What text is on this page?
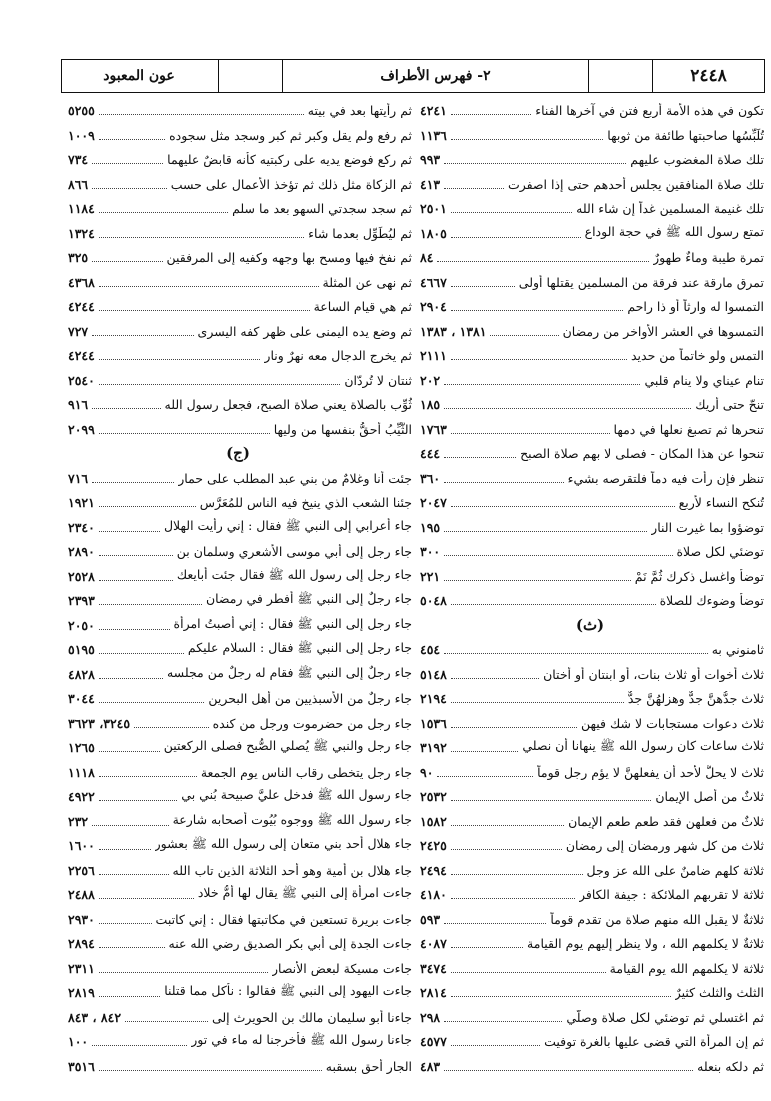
٢٤٤٨
٢- فهرس الأطراف
عون المعبود
تكون في هذه الأمة أربع فتن في آخرها الفناء
٤٢٤١
تُلَبِّسُها صاحبتها طائفة من ثوبها
١١٣٦
تلك صلاة المغضوب عليهم
٩٩٣
تلك صلاة المنافقين يجلس أحدهم حتى إذا اصفرت
٤١٣
تلك غنيمة المسلمين غداً إن شاء الله
٢٥٠١
تمتع رسول الله ﷺ في حجة الوداع
١٨٠٥
تمرة طيبة وماءٌ طهورٌ
٨٤
تمرق مارقة عند فرقة من المسلمين يقتلها أولى
٤٦٦٧
التمسوا له وارثاً أو ذا راحم
٢٩٠٤
التمسوها في العشر الأواخر من رمضان
١٣٨١ ، ١٣٨٣
التمس ولو خاتماً من حديد
٢١١١
تنام عيناي ولا ينام قلبي
٢٠٢
تنحّ حتى أريك
١٨٥
تنحرها ثم تصبغ نعلها في دمها
١٧٦٣
تنحوا عن هذا المكان - فصلى لا بهم صلاة الصبح
٤٤٤
تنظر فإن رأت فيه دماً فلتقرصه بشيء
٣٦٠
تُنكح النساء لأربع
٢٠٤٧
توضؤوا بما غيرت النار
١٩٥
توضئي لكل صلاة
٣٠٠
توضأ واغسل ذكرك ثُمَّ نَمْ
٢٢١
توضأ وضوءك للصلاة
٥٠٤٨
(ث)
ثامنوني به
٤٥٤
ثلاث أخوات أو ثلاث بنات، أو ابنتان أو أختان
٥١٤٨
ثلاث جدُّهنَّ جدٌّ وهزلهُنَّ جدٌّ
٢١٩٤
ثلاث دعوات مستجابات لا شك فيهن
١٥٣٦
ثلاث ساعات كان رسول الله ﷺ ينهانا أن نصلي
٣١٩٢
ثلاث لا يحلُّ لأحد أن يفعلهنَّ لا يؤم رجل قوماً
٩٠
ثلاثٌ من أصل الإيمان
٢٥٣٢
ثلاثٌ من فعلهن فقد طعم طعم الإيمان
١٥٨٢
ثلاث من كل شهر ورمضان إلى رمضان
٢٤٢٥
ثلاثة كلهم ضامنٌ على الله عز وجل
٢٤٩٤
ثلاثة لا تقربهم الملائكة : جيفة الكافر
٤١٨٠
ثلاثةٌ لا يقبل الله منهم صلاة من تقدم قوماً
٥٩٣
ثلاثةٌ لا يكلمهم الله ، ولا ينظر إليهم يوم القيامة
٤٠٨٧
ثلاثة لا يكلمهم الله يوم القيامة
٣٤٧٤
الثلث والثلث كثيرٌ
٢٨١٤
ثم اغتسلي ثم توضئي لكل صلاة وصلّي
٢٩٨
ثم إن المرأة التي قضى عليها بالغرة توفيت
٤٥٧٧
ثم دلكه بنعله
٤٨٣
ثم رأيتها بعد في بيته
٥٢٥٥
ثم رفع ولم يقل وكبر ثم كبر وسجد مثل سجوده
١٠٠٩
ثم ركع فوضع يديه على ركبتيه كأنه قابضٌ عليهما
٧٣٤
ثم الزكاة مثل ذلك ثم تؤخذ الأعمال على حسب
٨٦٦
ثم سجد سجدتي السهو بعد ما سلم
١١٨٤
ثم ليُطَوِّل بعدما شاء
١٣٢٤
ثم نفخ فيها ومسح بها وجهه وكفيه إلى المرفقين
٣٢٥
ثم نهى عن المثلة
٤٣٦٨
ثم هي قيام الساعة
٤٢٤٤
ثم وضع يده اليمنى على ظهر كفه اليسرى
٧٢٧
ثم يخرج الدجال معه نهرٌ ونار
٤٢٤٤
ثنتان لا تُردّان
٢٥٤٠
ثُوِّب بالصلاة يعني صلاة الصبح، فجعل رسول الله
٩١٦
الثَّيِّبُ أحقُّ بنفسها من وليها
٢٠٩٩
(ج)
جئت أنا وغلامٌ من بني عبد المطلب على حمار
٧١٦
جئنا الشعب الذي ينيخ فيه الناس للمُعَرَّس
١٩٢١
جاء أعرابي إلى النبي ﷺ فقال : إني رأيت الهلال
٢٣٤٠
جاء رجل إلى أبي موسى الأشعري وسلمان بن
٢٨٩٠
جاء رجل إلى رسول الله ﷺ فقال جئت أبايعك
٢٥٢٨
جاء رجلٌ إلى النبي ﷺ أفطر في رمضان
٢٣٩٣
جاء رجل إلى النبي ﷺ فقال : إني أصبتُ امرأة
٢٠٥٠
جاء رجل إلى النبي ﷺ فقال : السلام عليكم
٥١٩٥
جاء رجلٌ إلى النبي ﷺ فقام له رجلٌ من مجلسه
٤٨٢٨
جاء رجلٌ من الأسبذيين من أهل البحرين
٣٠٤٤
جاء رجل من حضرموت ورجل من كنده
٣٢٤٥، ٣٦٢٣
جاء رجل والنبي ﷺ يُصلي الصُّبح فصلى الركعتين
١٢٦٥
جاء رجل يتخطى رقاب الناس يوم الجمعة
١١١٨
جاء رسول الله ﷺ فدخل عليَّ صبيحة بُني بي
٤٩٢٢
جاء رسول الله ﷺ ووجوه بُيُوت أصحابه شارعة
٢٣٢
جاء هلال أحد بني متعان إلى رسول الله ﷺ بعشور
١٦٠٠
جاء هلال بن أمية وهو أحد الثلاثة الذين تاب الله
٢٢٥٦
جاءت امرأة إلى النبي ﷺ يقال لها أمُّ خلاد
٢٤٨٨
جاءت بريرة تستعين في مكاتبتها فقال : إني كاتبت
٢٩٣٠
جاءت الجدة إلى أبي بكر الصديق رضي الله عنه
٢٨٩٤
جاءت مسيكة لبعض الأنصار
٢٣١١
جاءت اليهود إلى النبي ﷺ فقالوا : نأكل مما قتلنا
٢٨١٩
جاءنا أبو سليمان مالك بن الحويرث إلى
٨٤٢ ، ٨٤٣
جاءنا رسول الله ﷺ فأخرجنا له ماء في تور
١٠٠
الجار أحق بسقبه
٣٥١٦
